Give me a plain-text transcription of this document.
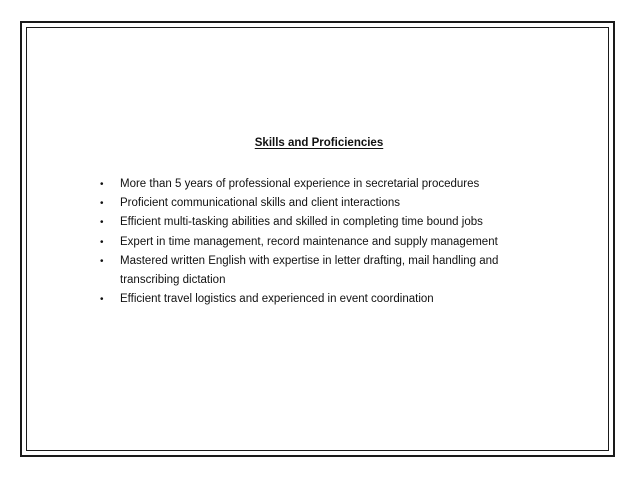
Skills and Proficiencies
•	More than 5 years of professional experience in secretarial procedures
•	Proficient communicational skills and client interactions
•	Efficient multi-tasking abilities and skilled in completing time bound jobs
•	Expert in time management, record maintenance and supply management
•	Mastered written English with expertise in letter drafting, mail handling and transcribing dictation
•	Efficient travel logistics and experienced in event coordination
